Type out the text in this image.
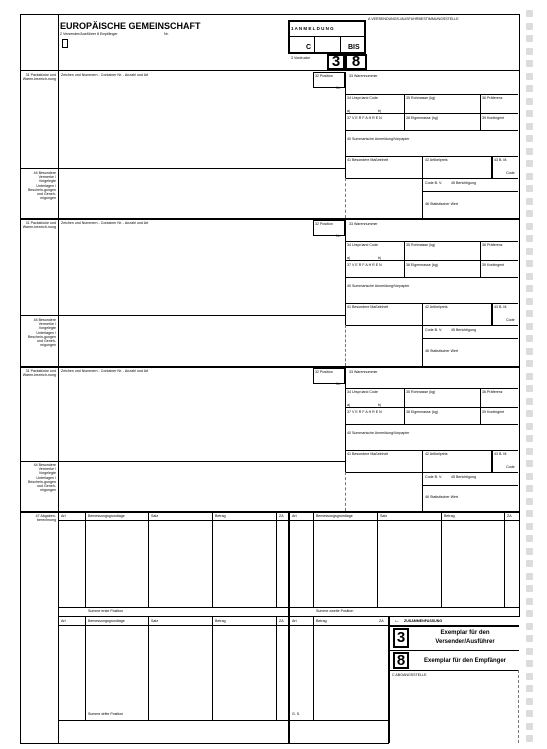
EUROPÄISCHE GEMEINSCHAFT
2 Versender/Ausführer 8 Empfänger	Nr.
A VERSENDUNGS-/AUSFUHRBESTIMMUNGSSTELLE
1 A N M E L D U N G
C	BIS
3 Vordrucke	3 8
31 Packstücke und Waren-bezeich-nung
Zeichen und Nummern - Container Nr. - Anzahl und Art	32 Position
Nr.
33 Warennummer
34 Urspr.land Code	35 Rohmasse (kg)	36 Präferenz
a|	b|
37 V E R F A H R E N	38 Eigenmasse (kg)	39 Kontingent
40 Summarische Anmeldung/Vorpapier
41 Besondere Maßeinheit	42 Artikelpreis	43 B. M.
Code
44 Besondere Vermerke / Vorgelegte Unterlagen / Beschein-gungen und Geneh-migungen
Code B. V. 45 Berichtigung
46 Statistischer Wert
31 Packstücke und Waren-bezeich-nung
Zeichen und Nummern - Container Nr. - Anzahl und Art	32 Position
Nr.
33 Warennummer
34 Urspr.land Code	35 Rohmasse (kg)	36 Präferenz
a|	b|
37 V E R F A H R E N	38 Eigenmasse (kg)	39 Kontingent
40 Summarische Anmeldung/Vorpapier
41 Besondere Maßeinheit	42 Artikelpreis	43 B. M.
Code
44 Besondere Vermerke / Vorgelegte Unterlagen / Beschein-gungen und Geneh-migungen
Code B. V. 45 Berichtigung
46 Statistischer Wert
31 Packstücke und Waren-bezeich-nung
Zeichen und Nummern - Container Nr. - Anzahl und Art	32 Position
Nr.
33 Warennummer
34 Urspr.land Code	35 Rohmasse (kg)	36 Präferenz
a|	b|
37 V E R F A H R E N	38 Eigenmasse (kg)	39 Kontingent
40 Summarische Anmeldung/Vorpapier
41 Besondere Maßeinheit	42 Artikelpreis	43 B. M.
Code
44 Besondere Vermerke / Vorgelegte Unterlagen / Beschein-gungen und Geneh-migungen
Code B. V. 45 Berichtigung
46 Statistischer Wert
47 Abgaben-berechnung
Art	Bemessungsgrundlage	Satz	Betrag	ZA Art	Bemessungsgrundlage	Satz	Betrag	ZA
Summe erste Position	Summe zweite Position
Art	Bemessungsgrundlage	Satz	Betrag	ZA Art	Betrag	ZA
Summe dritte Position	G. S.
← ZUSAMMENFASSUNG
3	Exemplar für den Versender/Ausführer
8	Exemplar für den Empfänger
C ABGANGSSTELLE
